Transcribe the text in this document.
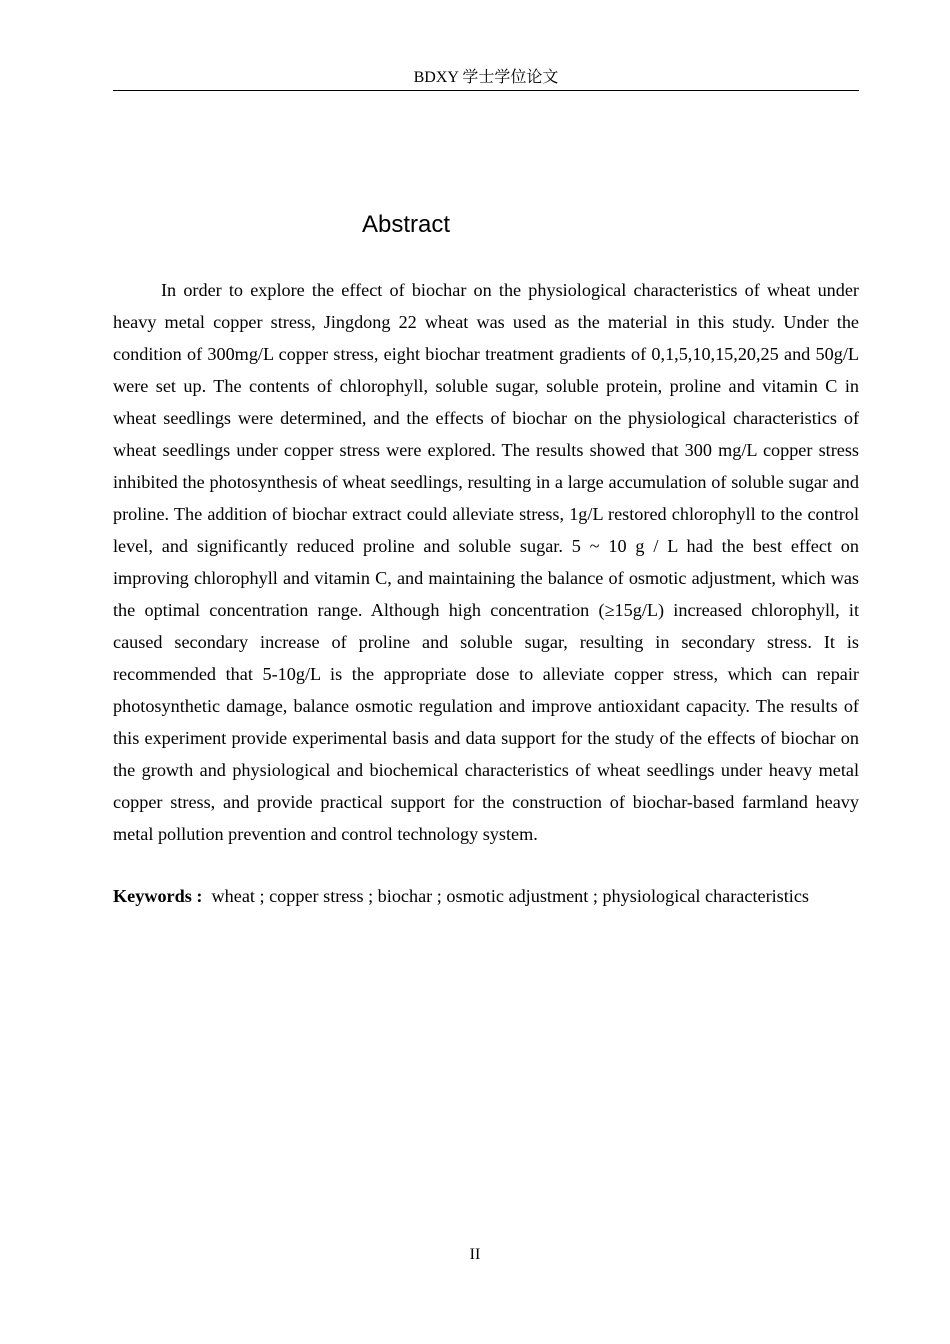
BDXY 学士学位论文
Abstract

In order to explore the effect of biochar on the physiological characteristics of wheat under heavy metal copper stress, Jingdong 22 wheat was used as the material in this study. Under the condition of 300mg/L copper stress, eight biochar treatment gradients of 0,1,5,10,15,20,25 and 50g/L were set up. The contents of chlorophyll, soluble sugar, soluble protein, proline and vitamin C in wheat seedlings were determined, and the effects of biochar on the physiological characteristics of wheat seedlings under copper stress were explored. The results showed that 300 mg/L copper stress inhibited the photosynthesis of wheat seedlings, resulting in a large accumulation of soluble sugar and proline. The addition of biochar extract could alleviate stress, 1g/L restored chlorophyll to the control level, and significantly reduced proline and soluble sugar. 5 ~ 10 g / L had the best effect on improving chlorophyll and vitamin C, and maintaining the balance of osmotic adjustment, which was the optimal concentration range. Although high concentration (≥15g/L) increased chlorophyll, it caused secondary increase of proline and soluble sugar, resulting in secondary stress. It is recommended that 5-10g/L is the appropriate dose to alleviate copper stress, which can repair photosynthetic damage, balance osmotic regulation and improve antioxidant capacity. The results of this experiment provide experimental basis and data support for the study of the effects of biochar on the growth and physiological and biochemical characteristics of wheat seedlings under heavy metal copper stress, and provide practical support for the construction of biochar-based farmland heavy metal pollution prevention and control technology system.

Keywords : wheat ; copper stress ; biochar ; osmotic adjustment ; physiological characteristics

II
